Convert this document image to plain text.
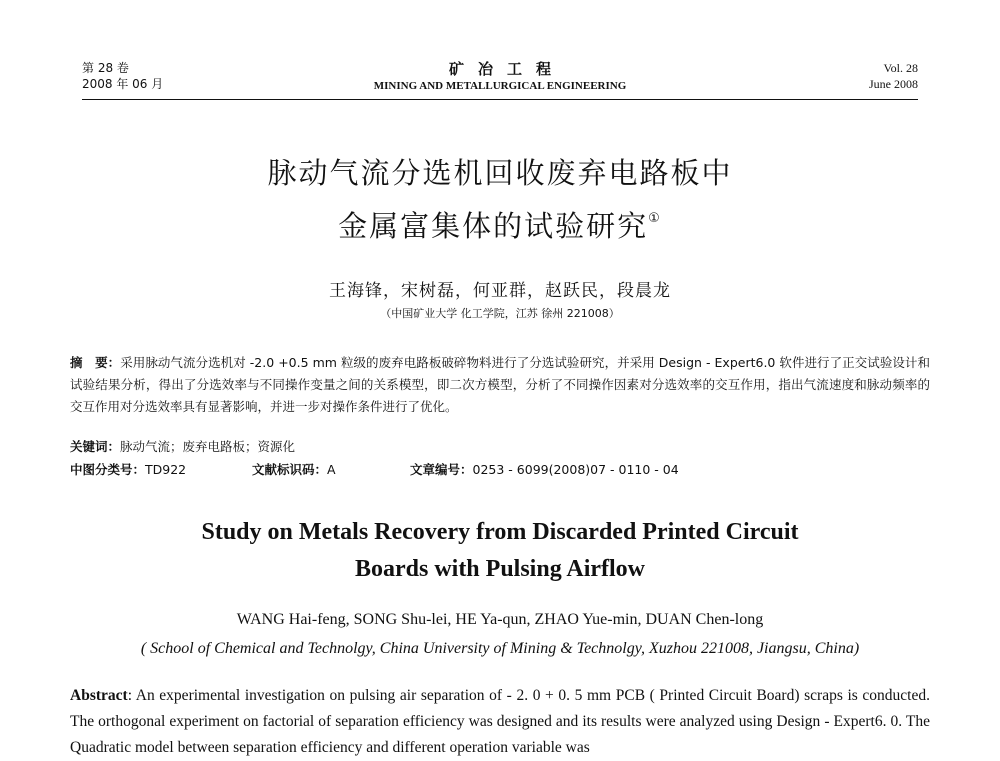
第 28 卷
2008 年 06 月
矿冶工程
MINING AND METALLURGICAL ENGINEERING
Vol. 28
June 2008
脉动气流分选机回收废弃电路板中
金属富集体的试验研究①
王海锋，宋树磊，何亚群，赵跃民，段晨龙
（中国矿业大学 化工学院，江苏 徐州 221008）
摘　要：采用脉动气流分选机对 -2.0 +0.5 mm 粒级的废弃电路板破碎物料进行了分选试验研究，并采用 Design - Expert6.0 软件进行了正交试验设计和试验结果分析，得出了分选效率与不同操作变量之间的关系模型，即二次方模型，分析了不同操作因素对分选效率的交互作用，指出气流速度和脉动频率的交互作用对分选效率具有显著影响，并进一步对操作条件进行了优化。
关键词：脉动气流；废弃电路板；资源化
中图分类号：TD922	文献标识码：A	文章编号：0253 - 6099(2008)07 - 0110 - 04
Study on Metals Recovery from Discarded Printed Circuit
Boards with Pulsing Airflow
WANG Hai-feng, SONG Shu-lei, HE Ya-qun, ZHAO Yue-min, DUAN Chen-long
( School of Chemical and Technolgy, China University of Mining & Technolgy, Xuzhou 221008, Jiangsu, China)
Abstract: An experimental investigation on pulsing air separation of - 2. 0 + 0. 5 mm PCB ( Printed Circuit Board) scraps is conducted. The orthogonal experiment on factorial of separation efficiency was designed and its results were analyzed using Design - Expert6. 0. The Quadratic model between separation efficiency and different operation variable was
